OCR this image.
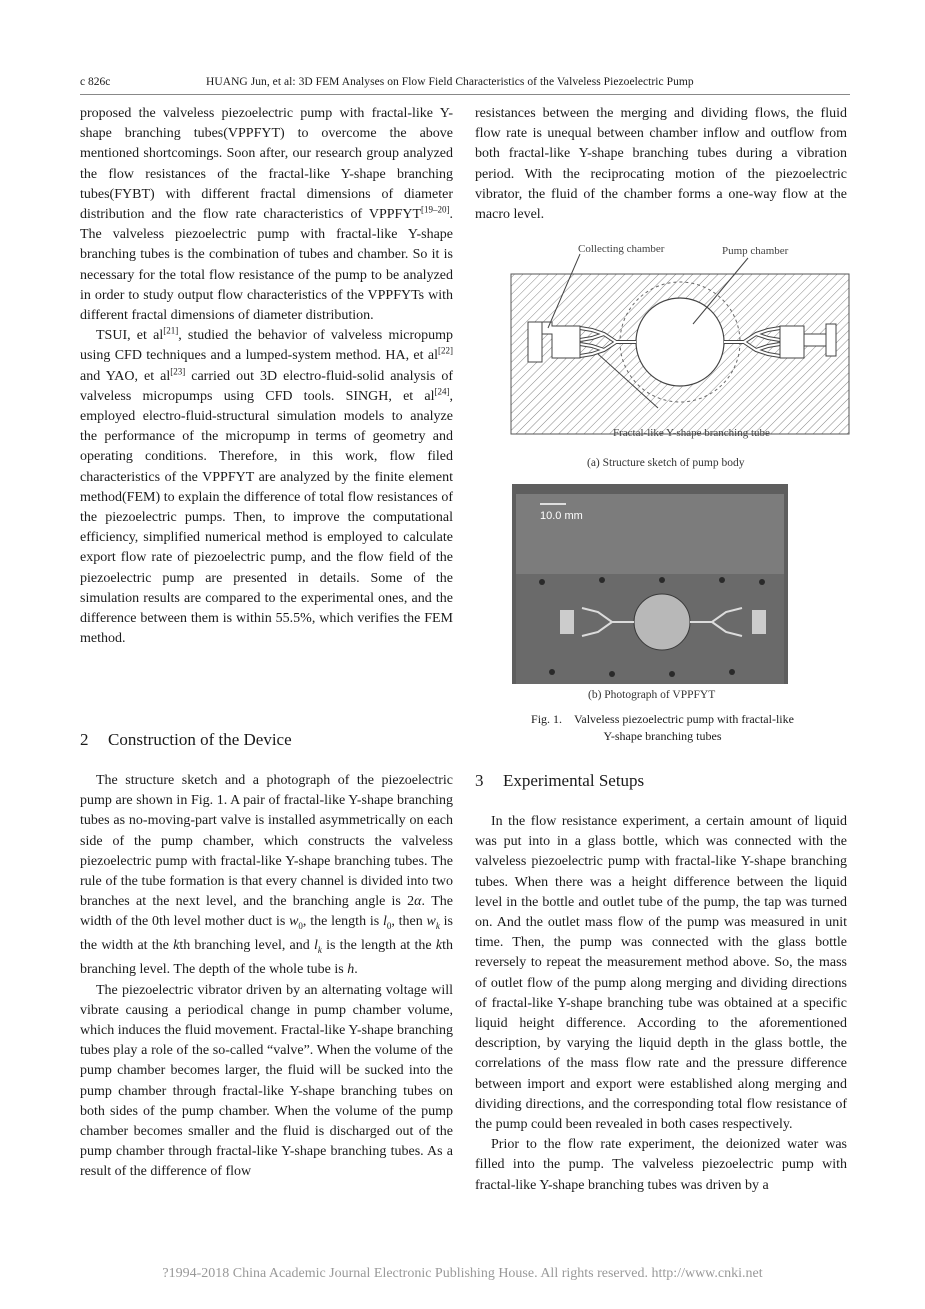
c 826c	HUANG Jun, et al: 3D FEM Analyses on Flow Field Characteristics of the Valveless Piezoelectric Pump

proposed the valveless piezoelectric pump with fractal-like Y-shape branching tubes(VPPFYT) to overcome the above mentioned shortcomings. Soon after, our research group analyzed the flow resistances of the fractal-like Y-shape branching tubes(FYBT) with different fractal dimensions of diameter distribution and the flow rate characteristics of VPPFYT[19–20]. The valveless piezoelectric pump with fractal-like Y-shape branching tubes is the combination of tubes and chamber. So it is necessary for the total flow resistance of the pump to be analyzed in order to study output flow characteristics of the VPPFYTs with different fractal dimensions of diameter distribution.

TSUI, et al[21], studied the behavior of valveless micropump using CFD techniques and a lumped-system method. HA, et al[22] and YAO, et al[23] carried out 3D electro-fluid-solid analysis of valveless micropumps using CFD tools. SINGH, et al[24], employed electro-fluid-structural simulation models to analyze the performance of the micropump in terms of geometry and operating conditions. Therefore, in this work, flow filed characteristics of the VPPFYT are analyzed by the finite element method(FEM) to explain the difference of total flow resistances of the piezoelectric pumps. Then, to improve the computational efficiency, simplified numerical method is employed to calculate export flow rate of piezoelectric pump, and the flow field of the piezoelectric pump are presented in details. Some of the simulation results are compared to the experimental ones, and the difference between them is within 55.5%, which verifies the FEM method.

2 Construction of the Device

The structure sketch and a photograph of the piezoelectric pump are shown in Fig. 1. A pair of fractal-like Y-shape branching tubes as no-moving-part valve is installed asymmetrically on each side of the pump chamber, which constructs the valveless piezoelectric pump with fractal-like Y-shape branching tubes. The rule of the tube formation is that every channel is divided into two branches at the next level, and the branching angle is 2α. The width of the 0th level mother duct is $w_0$, the length is $l_0$, then $w_k$ is the width at the kth branching level, and $l_k$ is the length at the kth branching level. The depth of the whole tube is h.

The piezoelectric vibrator driven by an alternating voltage will vibrate causing a periodical change in pump chamber volume, which induces the fluid movement. Fractal-like Y-shape branching tubes play a role of the so-called “valve”. When the volume of the pump chamber becomes larger, the fluid will be sucked into the pump chamber through fractal-like Y-shape branching tubes on both sides of the pump chamber. When the volume of the pump chamber becomes smaller and the fluid is discharged out of the pump chamber through fractal-like Y-shape branching tubes. As a result of the difference of flow

resistances between the merging and dividing flows, the fluid flow rate is unequal between chamber inflow and outflow from both fractal-like Y-shape branching tubes during a vibration period. With the reciprocating motion of the piezoelectric vibrator, the fluid of the chamber forms a one-way flow at the macro level.

Collecting chamber	Pump chamber
Fractal-like Y-shape branching tube
(a) Structure sketch of pump body
10.0 mm
(b) Photograph of VPPFYT
Fig. 1. Valveless piezoelectric pump with fractal-like
Y-shape branching tubes
3 Experimental Setups

In the flow resistance experiment, a certain amount of liquid was put into in a glass bottle, which was connected with the valveless piezoelectric pump with fractal-like Y-shape branching tubes. When there was a height difference between the liquid level in the bottle and outlet tube of the pump, the tap was turned on. And the outlet mass flow of the pump was measured in unit time. Then, the pump was connected with the glass bottle reversely to repeat the measurement method above. So, the mass of outlet flow of the pump along merging and dividing directions of fractal-like Y-shape branching tube was obtained at a specific liquid height difference. According to the aforementioned description, by varying the liquid depth in the glass bottle, the correlations of the mass flow rate and the pressure difference between import and export were established along merging and dividing directions, and the corresponding total flow resistance of the pump could been revealed in both cases respectively.

Prior to the flow rate experiment, the deionized water was filled into the pump. The valveless piezoelectric pump with fractal-like Y-shape branching tubes was driven by a

?1994-2018 China Academic Journal Electronic Publishing House. All rights reserved. http://www.cnki.net
